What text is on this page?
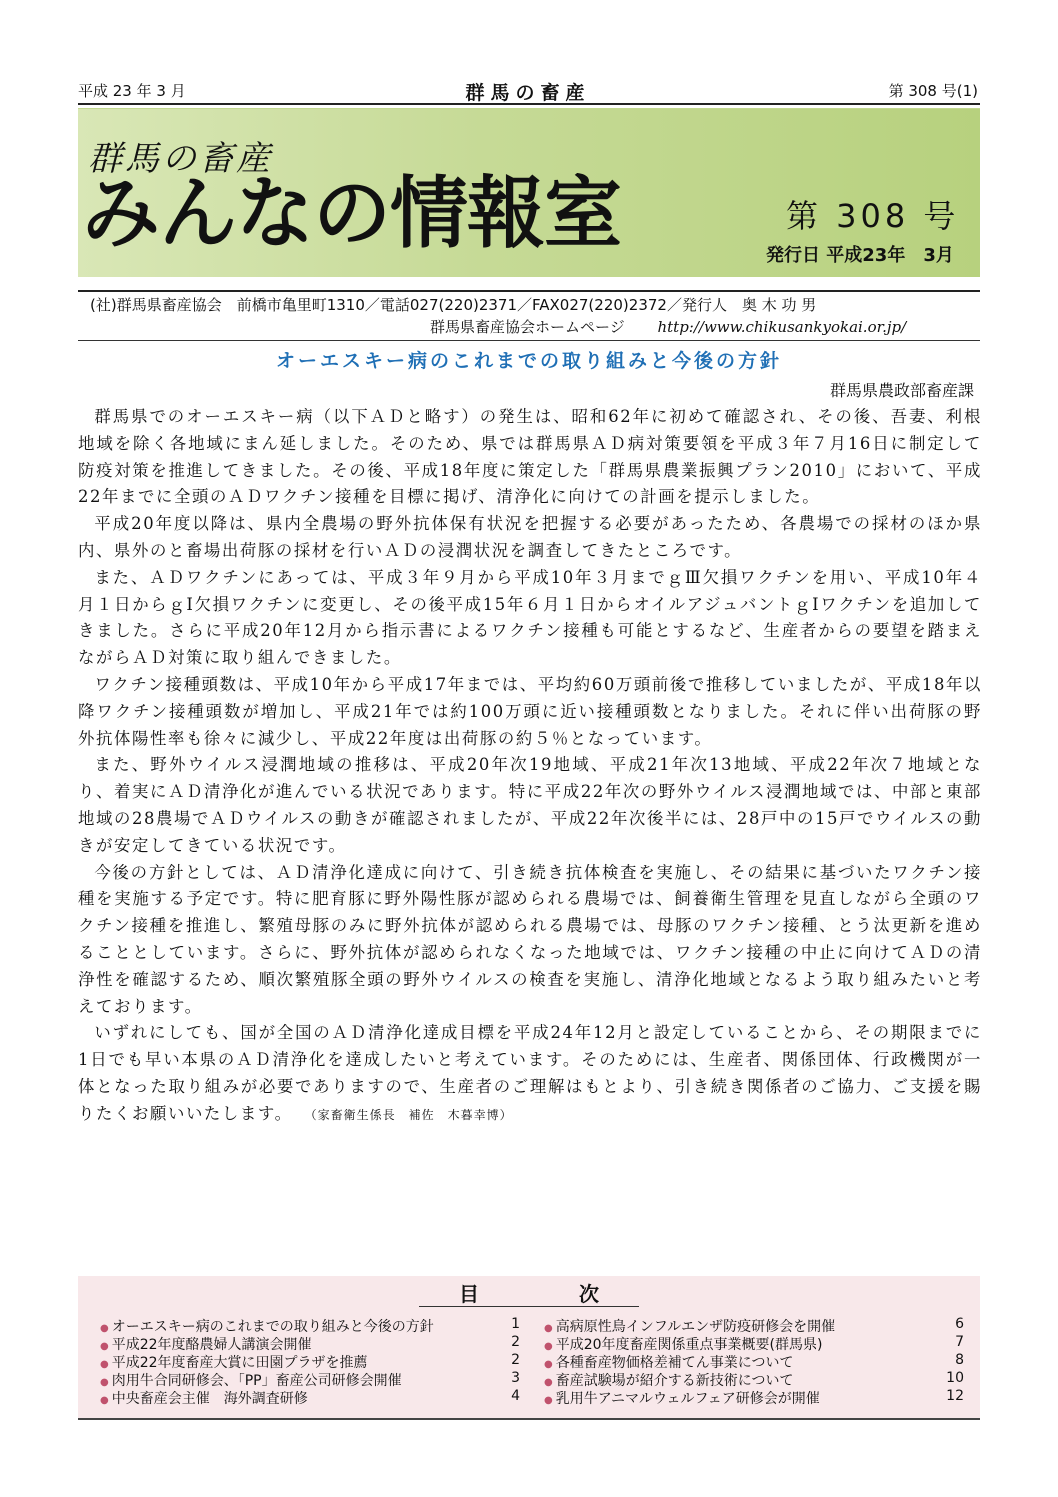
平成 23 年 3 月	群馬の畜産	第 308 号(1)
群馬の畜産
みんなの情報室	第 308 号
発行日 平成23年　3月
(社)群馬県畜産協会　前橋市亀里町1310／電話027(220)2371／FAX027(220)2372／発行人　奥 木 功 男
群馬県畜産協会ホームページ http://www.chikusankyokai.or.jp/
オーエスキー病のこれまでの取り組みと今後の方針
群馬県農政部畜産課

群馬県でのオーエスキー病（以下ＡＤと略す）の発生は、昭和62年に初めて確認され、その後、吾妻、利根地域を除く各地域にまん延しました。そのため、県では群馬県ＡＤ病対策要領を平成３年７月16日に制定して防疫対策を推進してきました。その後、平成18年度に策定した「群馬県農業振興プラン2010」において、平成22年までに全頭のＡＤワクチン接種を目標に掲げ、清浄化に向けての計画を提示しました。

平成20年度以降は、県内全農場の野外抗体保有状況を把握する必要があったため、各農場での採材のほか県内、県外のと畜場出荷豚の採材を行いＡＤの浸潤状況を調査してきたところです。

また、ＡＤワクチンにあっては、平成３年９月から平成10年３月までｇⅢ欠損ワクチンを用い、平成10年４月１日からｇⅠ欠損ワクチンに変更し、その後平成15年６月１日からオイルアジュバントｇⅠワクチンを追加してきました。さらに平成20年12月から指示書によるワクチン接種も可能とするなど、生産者からの要望を踏まえながらＡＤ対策に取り組んできました。

ワクチン接種頭数は、平成10年から平成17年までは、平均約60万頭前後で推移していましたが、平成18年以降ワクチン接種頭数が増加し、平成21年では約100万頭に近い接種頭数となりました。それに伴い出荷豚の野外抗体陽性率も徐々に減少し、平成22年度は出荷豚の約５％となっています。

また、野外ウイルス浸潤地域の推移は、平成20年次19地域、平成21年次13地域、平成22年次７地域となり、着実にＡＤ清浄化が進んでいる状況であります。特に平成22年次の野外ウイルス浸潤地域では、中部と東部地域の28農場でＡＤウイルスの動きが確認されましたが、平成22年次後半には、28戸中の15戸でウイルスの動きが安定してきている状況です。

今後の方針としては、ＡＤ清浄化達成に向けて、引き続き抗体検査を実施し、その結果に基づいたワクチン接種を実施する予定です。特に肥育豚に野外陽性豚が認められる農場では、飼養衛生管理を見直しながら全頭のワクチン接種を推進し、繁殖母豚のみに野外抗体が認められる農場では、母豚のワクチン接種、とう汰更新を進めることとしています。さらに、野外抗体が認められなくなった地域では、ワクチン接種の中止に向けてＡＤの清浄性を確認するため、順次繁殖豚全頭の野外ウイルスの検査を実施し、清浄化地域となるよう取り組みたいと考えております。

いずれにしても、国が全国のＡＤ清浄化達成目標を平成24年12月と設定していることから、その期限までに1日でも早い本県のＡＤ清浄化を達成したいと考えています。そのためには、生産者、関係団体、行政機関が一体となった取り組みが必要でありますので、生産者のご理解はもとより、引き続き関係者のご協力、ご支援を賜りたくお願いいたします。 （家畜衛生係長　補佐　木暮幸博）

目　次
● オーエスキー病のこれまでの取り組みと今後の方針	1
● 平成22年度酪農婦人講演会開催	2
● 平成22年度畜産大賞に田園プラザを推薦	2
● 肉用牛合同研修会、「PP」畜産公司研修会開催	3
● 中央畜産会主催　海外調査研修	4
● 高病原性鳥インフルエンザ防疫研修会を開催	6
● 平成20年度畜産関係重点事業概要(群馬県)	7
● 各種畜産物価格差補てん事業について	8
● 畜産試験場が紹介する新技術について	10
● 乳用牛アニマルウェルフェア研修会が開催	12
